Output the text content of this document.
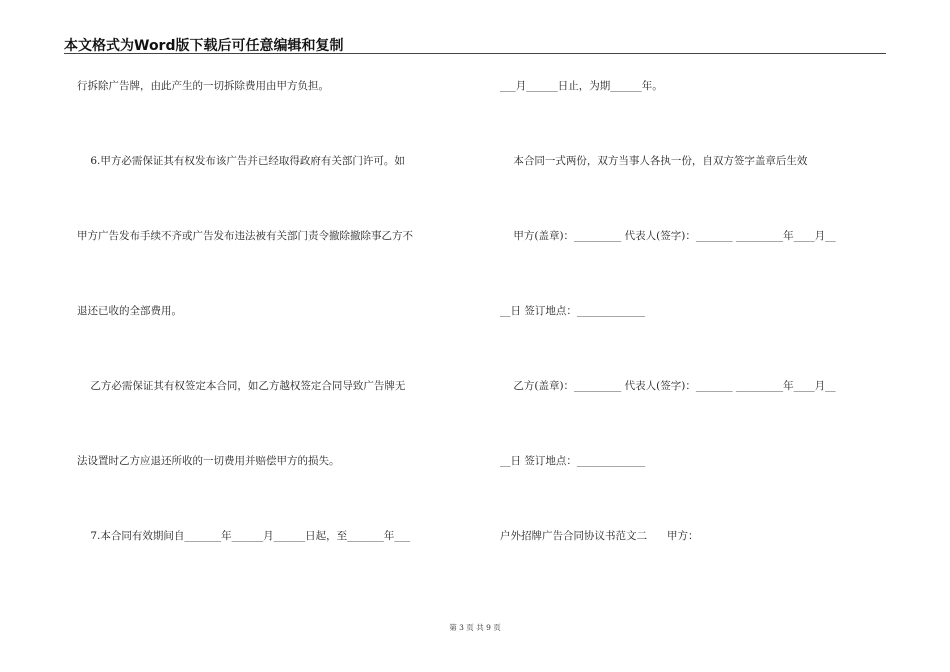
本文格式为Word版下载后可任意编辑和复制
行拆除广告牌，由此产生的一切拆除费用由甲方负担。
6.甲方必需保证其有权发布该广告并已经取得政府有关部门许可。如
甲方广告发布手续不齐或广告发布违法被有关部门责令撤除撤除事乙方不
退还已收的全部费用。
乙方必需保证其有权签定本合同，如乙方越权签定合同导致广告牌无
法设置时乙方应退还所收的一切费用并赔偿甲方的损失。
7.本合同有效期间自_______年______月______日起，至_______年___
___月______日止，为期______年。
本合同一式两份，双方当事人各执一份，自双方签字盖章后生效
甲方(盖章)：_________ 代表人(签字)：_______ _________年____月__
__日 签订地点：_____________
乙方(盖章)：_________ 代表人(签字)：_______ _________年____月__
__日 签订地点：_____________
户外招牌广告合同协议书范文二      甲方：
第 3 页 共 9 页
